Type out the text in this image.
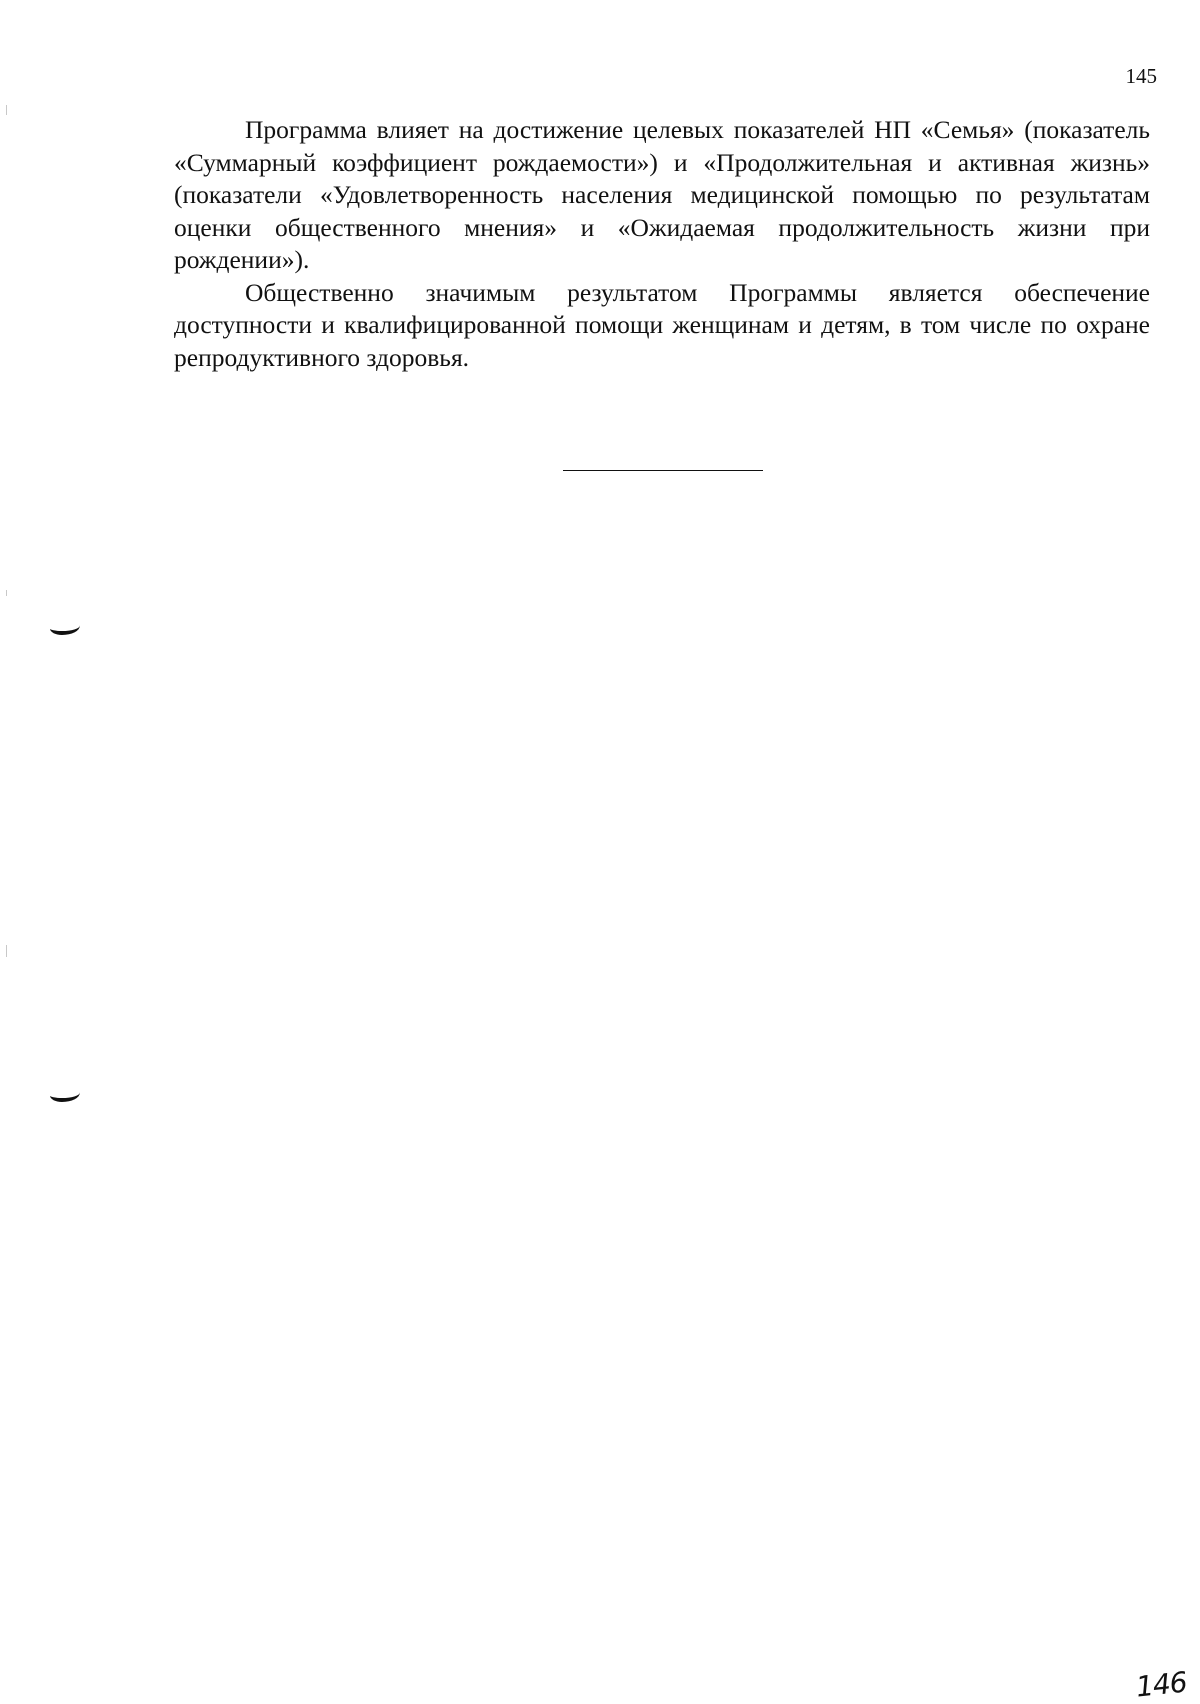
145

Программа влияет на достижение целевых показателей НП «Семья» (показатель «Суммарный коэффициент рождаемости») и «Продолжительная и активная жизнь» (показатели «Удовлетворенность населения медицинской помощью по результатам оценки общественного мнения» и «Ожидаемая продолжительность жизни при рождении»).

Общественно значимым результатом Программы является обеспечение доступности и квалифицированной помощи женщинам и детям, в том числе по охране репродуктивного здоровья.

146
